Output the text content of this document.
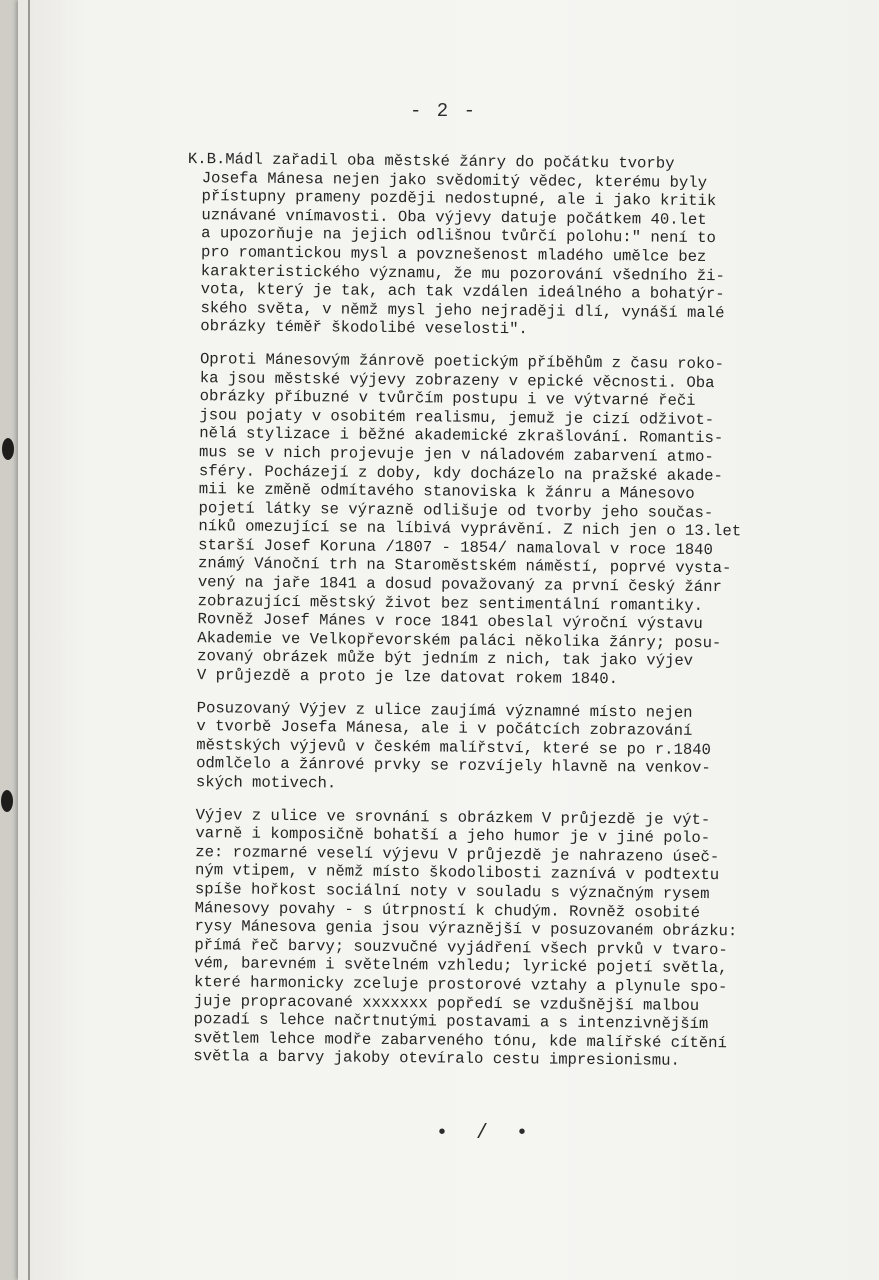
- 2 -
K.B.Mádl zařadil oba městské žánry do počátku tvorby
Josefa Mánesa nejen jako svědomitý vědec, kterému byly
přístupny prameny později nedostupné, ale i jako kritik
uznávané vnímavosti. Oba výjevy datuje počátkem 40.let
a upozorňuje na jejich odlišnou tvůrčí polohu:" není to
pro romantickou mysl a povznešenost mladého umělce bez
karakteristického významu, že mu pozorování všedního ži-
vota, který je tak, ach tak vzdálen ideálného a bohatýr-
ského světa, v němž mysl jeho nejraději dlí, vynáší malé
obrázky téměř škodolibé veselosti".
Oproti Mánesovým žánrově poetickým příběhům z času roko-
ka jsou městské výjevy zobrazeny v epické věcnosti. Oba
obrázky příbuzné v tvůrčím postupu i ve výtvarné řeči
jsou pojaty v osobitém realismu, jemuž je cizí odživot-
nělá stylizace i běžné akademické zkrašlování. Romantis-
mus se v nich projevuje jen v náladovém zabarvení atmo-
sféry. Pocházejí z doby, kdy docházelo na pražské akade-
mii ke změně odmítavého stanoviska k žánru a Mánesovo
pojetí látky se výrazně odlišuje od tvorby jeho součas-
níků omezující se na líbivá vyprávění. Z nich jen o 13.let
starší Josef Koruna /1807 - 1854/ namaloval v roce 1840
známý Vánoční trh na Staroměstském náměstí, poprvé vysta-
vený na jaře 1841 a dosud považovaný za první český žánr
zobrazující městský život bez sentimentální romantiky.
Rovněž Josef Mánes v roce 1841 obeslal výroční výstavu
Akademie ve Velkopřevorském paláci několika žánry; posu-
zovaný obrázek může být jedním z nich, tak jako výjev
V průjezdě a proto je lze datovat rokem 1840.
Posuzovaný Výjev z ulice zaujímá významné místo nejen
v tvorbě Josefa Mánesa, ale i v počátcích zobrazování
městských výjevů v českém malířství, které se po r.1840
odmlčelo a žánrové prvky se rozvíjely hlavně na venkov-
ských motivech.
Výjev z ulice ve srovnání s obrázkem V průjezdě je výt-
varně i komposičně bohatší a jeho humor je v jiné polo-
ze: rozmarné veselí výjevu V průjezdě je nahrazeno úseč-
ným vtipem, v němž místo škodolibosti zaznívá v podtextu
spíše hořkost sociální noty v souladu s význačným rysem
Mánesovy povahy - s útrpností k chudým. Rovněž osobité
rysy Mánesova genia jsou výraznější v posuzovaném obrázku:
přímá řeč barvy; souzvučné vyjádření všech prvků v tvaro-
vém, barevném i světelném vzhledu; lyrické pojetí světla,
které harmonicky zceluje prostorové vztahy a plynule spo-
juje propracované xxxxxxx popředí se vzdušnější malbou
pozadí s lehce načrtnutými postavami a s intenzivnějším
světlem lehce modře zabarveného tónu, kde malířské cítění
světla a barvy jakoby otevíralo cestu impresionismu.
• / •
